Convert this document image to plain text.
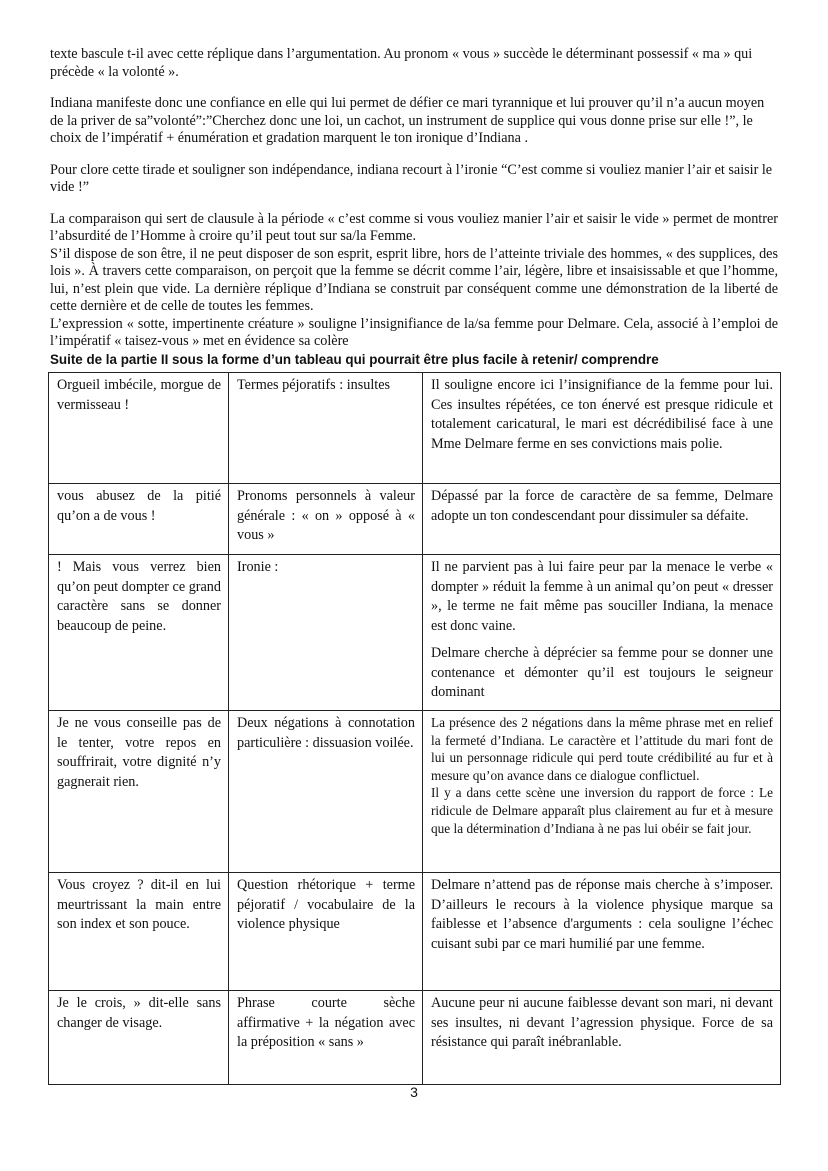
texte bascule t-il avec cette réplique dans l’argumentation. Au pronom « vous » succède le déterminant possessif « ma » qui précède « la volonté ».

Indiana manifeste donc une confiance en elle qui lui permet de défier ce mari tyrannique et lui prouver qu’il n’a aucun moyen de la priver de sa”volonté”:”Cherchez donc une loi, un cachot, un instrument de supplice qui vous donne prise sur elle !”, le choix de l’impératif + énumération et gradation marquent le ton ironique d’Indiana .

Pour clore cette tirade et souligner son indépendance, indiana recourt à l’ironie “C’est comme si vouliez manier l’air et saisir le vide !”

La comparaison qui sert de clausule à la période « c’est comme si vous vouliez manier l’air et saisir le vide » permet de montrer l’absurdité de l’Homme à croire qu’il peut tout sur sa/la Femme.

S’il dispose de son être, il ne peut disposer de son esprit, esprit libre, hors de l’atteinte triviale des hommes, « des supplices, des lois ». À travers cette comparaison, on perçoit que la femme se décrit comme l’air, légère, libre et insaisissable et que l’homme, lui, n’est plein que vide. La dernière réplique d’Indiana se construit par conséquent comme une démonstration de la liberté de cette dernière et de celle de toutes les femmes.

L’expression « sotte, impertinente créature » souligne l’insignifiance de la/sa femme pour Delmare. Cela, associé à l’emploi de l’impératif « taisez-vous » met en évidence sa colère

Suite de la partie II sous la forme d’un tableau qui pourrait être plus facile à retenir/ comprendre

Orgueil imbécile, morgue de vermisseau !	Termes péjoratifs : insultes	Il souligne encore ici l’insignifiance de la femme pour lui. Ces insultes répétées, ce ton énervé est presque ridicule et totalement caricatural, le mari est décrédibilisé face à une Mme Delmare ferme en ses convictions mais polie.

vous abusez de la pitié qu’on a de vous !	Pronoms personnels à valeur générale : « on » opposé à « vous »	Dépassé par la force de caractère de sa femme, Delmare adopte un ton condescendant pour dissimuler sa défaite.

! Mais vous verrez bien qu’on peut dompter ce grand caractère sans se donner beaucoup de peine.	Ironie :	Il ne parvient pas à lui faire peur par la menace le verbe « dompter » réduit la femme à un animal qu’on peut « dresser », le terme ne fait même pas souciller Indiana, la menace est donc vaine.

Delmare cherche à déprécier sa femme pour se donner une contenance et démonter qu’il est toujours le seigneur dominant

Je ne vous conseille pas de le tenter, votre repos en souffrirait, votre dignité n’y gagnerait rien.	Deux négations à connotation particulière : dissuasion voilée.	La présence des 2 négations dans la même phrase met en relief la fermeté d’Indiana. Le caractère et l’attitude du mari font de lui un personnage ridicule qui perd toute crédibilité au fur et à mesure qu’on avance dans ce dialogue conflictuel.

Il y a dans cette scène une inversion du rapport de force : Le ridicule de Delmare apparaît plus clairement au fur et à mesure que la détermination d’Indiana à ne pas lui obéir se fait jour.

Vous croyez ? dit-il en lui meurtrissant la main entre son index et son pouce.	Question rhétorique + terme péjoratif / vocabulaire de la violence physique	Delmare n’attend pas de réponse mais cherche à s’imposer. D’ailleurs le recours à la violence physique marque sa faiblesse et l’absence d'arguments : cela souligne l’échec cuisant subi par ce mari humilié par une femme.

Je le crois, » dit-elle sans changer de visage.	Phrase courte sèche affirmative + la négation avec la préposition « sans »	Aucune peur ni aucune faiblesse devant son mari, ni devant ses insultes, ni devant l’agression physique. Force de sa résistance qui paraît inébranlable.

3
